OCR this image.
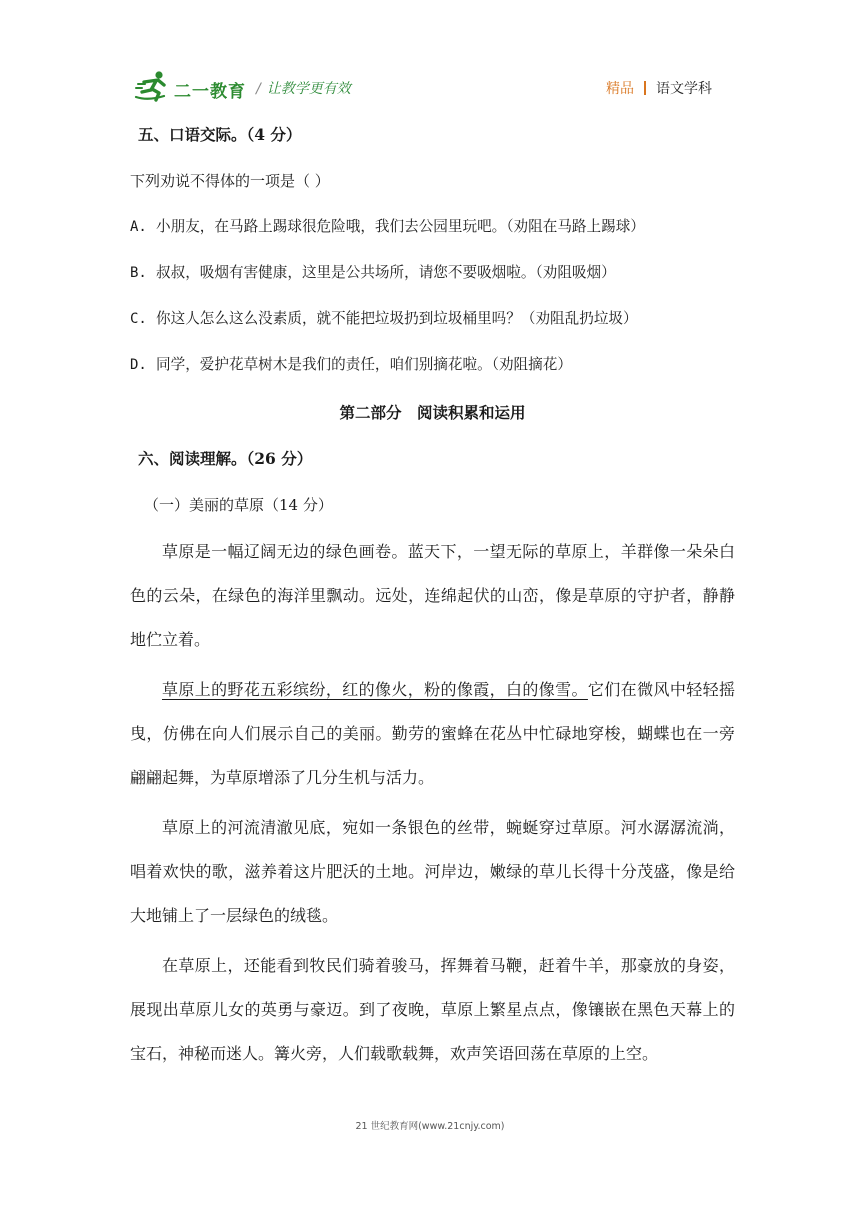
二一教育 / 让教学更有效	精品 语文学科
五、口语交际。（4 分）
下列劝说不得体的一项是（ ）
A. 小朋友，在马路上踢球很危险哦，我们去公园里玩吧。（劝阻在马路上踢球）
B. 叔叔，吸烟有害健康，这里是公共场所，请您不要吸烟啦。（劝阻吸烟）
C. 你这人怎么这么没素质，就不能把垃圾扔到垃圾桶里吗？（劝阻乱扔垃圾）
D. 同学，爱护花草树木是我们的责任，咱们别摘花啦。（劝阻摘花）
第二部分　阅读积累和运用
六、阅读理解。（26 分）
（一）美丽的草原（14 分）

草原是一幅辽阔无边的绿色画卷。蓝天下，一望无际的草原上，羊群像一朵朵白色的云朵，在绿色的海洋里飘动。远处，连绵起伏的山峦，像是草原的守护者，静静地伫立着。

草原上的野花五彩缤纷，红的像火，粉的像霞，白的像雪。它们在微风中轻轻摇曳，仿佛在向人们展示自己的美丽。勤劳的蜜蜂在花丛中忙碌地穿梭，蝴蝶也在一旁翩翩起舞，为草原增添了几分生机与活力。

草原上的河流清澈见底，宛如一条银色的丝带，蜿蜒穿过草原。河水潺潺流淌，唱着欢快的歌，滋养着这片肥沃的土地。河岸边，嫩绿的草儿长得十分茂盛，像是给大地铺上了一层绿色的绒毯。

在草原上，还能看到牧民们骑着骏马，挥舞着马鞭，赶着牛羊，那豪放的身姿，展现出草原儿女的英勇与豪迈。到了夜晚，草原上繁星点点，像镶嵌在黑色天幕上的宝石，神秘而迷人。篝火旁，人们载歌载舞，欢声笑语回荡在草原的上空。

21 世纪教育网(www.21cnjy.com)
